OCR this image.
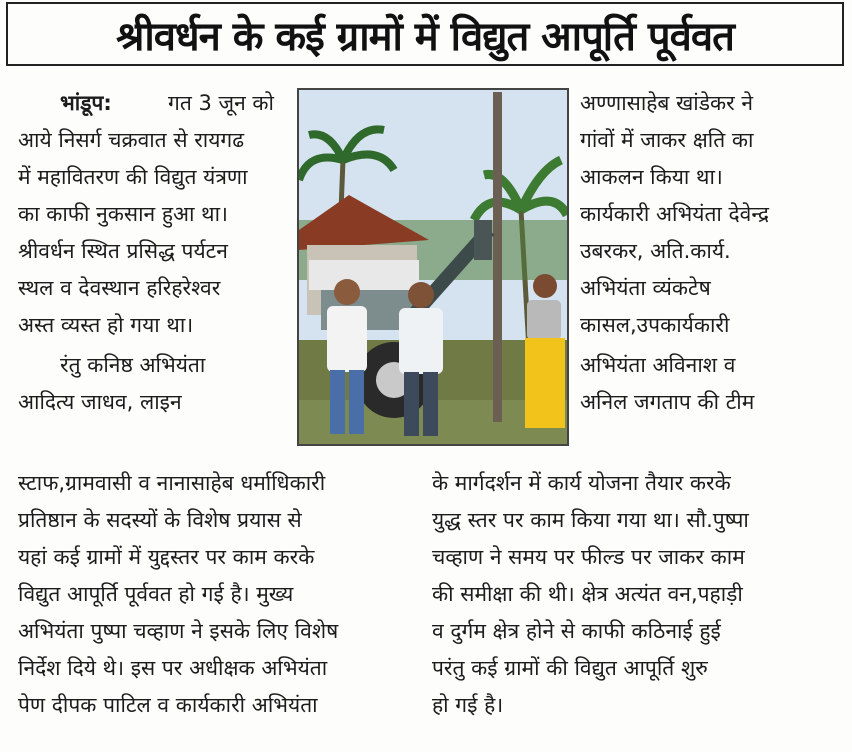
श्रीवर्धन के कई ग्रामों में विद्युत आपूर्ति पूर्ववत
भांडूप:	गत 3 जून को
आये निसर्ग चक्रवात से रायगढ
में महावितरण की विद्युत यंत्रणा
का काफी नुकसान हुआ था।
श्रीवर्धन स्थित प्रसिद्ध पर्यटन
स्थल व देवस्थान हरिहरेश्वर
अस्त व्यस्त हो गया था।
रंतु कनिष्ठ अभियंता
आदित्य जाधव, लाइन
स्टाफ,ग्रामवासी व नानासाहेब धर्माधिकारी
प्रतिष्ठान के सदस्यों के विशेष प्रयास से
यहां कई ग्रामों में युद्दस्तर पर काम करके
विद्युत आपूर्ति पूर्ववत हो गई है। मुख्य
अभियंता पुष्पा चव्हाण ने इसके लिए विशेष
निर्देश दिये थे। इस पर अधीक्षक अभियंता
पेण दीपक पाटिल व कार्यकारी अभियंता
अण्णासाहेब खांडेकर ने
गांवों में जाकर क्षति का
आकलन किया था।
कार्यकारी अभियंता देवेन्द्र
उबरकर, अति.कार्य.
अभियंता व्यंकटेष
कासल,उपकार्यकारी
अभियंता अविनाश व
अनिल जगताप की टीम
के मार्गदर्शन में कार्य योजना तैयार करके
युद्ध स्तर पर काम किया गया था। सौ.पुष्पा
चव्हाण ने समय पर फील्ड पर जाकर काम
की समीक्षा की थी। क्षेत्र अत्यंत वन,पहाड़ी
व दुर्गम क्षेत्र होने से काफी कठिनाई हुई
परंतु कई ग्रामों की विद्युत आपूर्ति शुरु
हो गई है।
